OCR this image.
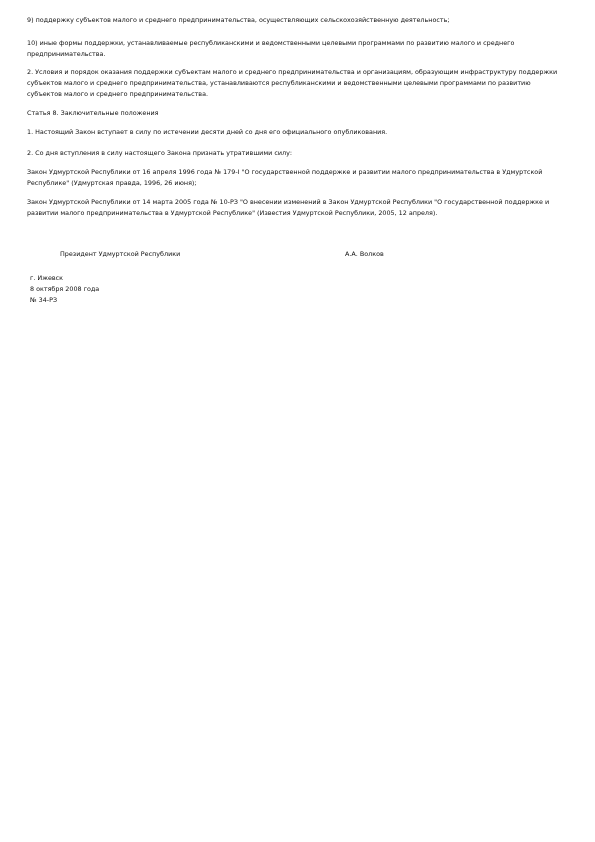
9) поддержку субъектов малого и среднего предпринимательства, осуществляющих сельскохозяйственную деятельность;

10) иные формы поддержки, устанавливаемые республиканскими и ведомственными целевыми программами по развитию малого и среднего предпринимательства.

2. Условия и порядок оказания поддержки субъектам малого и среднего предпринимательства и организациям, образующим инфраструктуру поддержки субъектов малого и среднего предпринимательства, устанавливаются республиканскими и ведомственными целевыми программами по развитию субъектов малого и среднего предпринимательства.

Статья 8. Заключительные положения

1. Настоящий Закон вступает в силу по истечении десяти дней со дня его официального опубликования.

2. Со дня вступления в силу настоящего Закона признать утратившими силу:

Закон Удмуртской Республики от 16 апреля 1996 года № 179-I "О государственной поддержке и развитии малого предпринимательства в Удмуртской Республике" (Удмуртская правда, 1996, 26 июня);

Закон Удмуртской Республики от 14 марта 2005 года № 10-РЗ "О внесении изменений в Закон Удмуртской Республики "О государственной поддержке и развитии малого предпринимательства в Удмуртской Республике" (Известия Удмуртской Республики, 2005, 12 апреля).

Президент Удмуртской Республики	А.А. Волков

г. Ижевск

8 октября 2008 года

№ 34-РЗ
